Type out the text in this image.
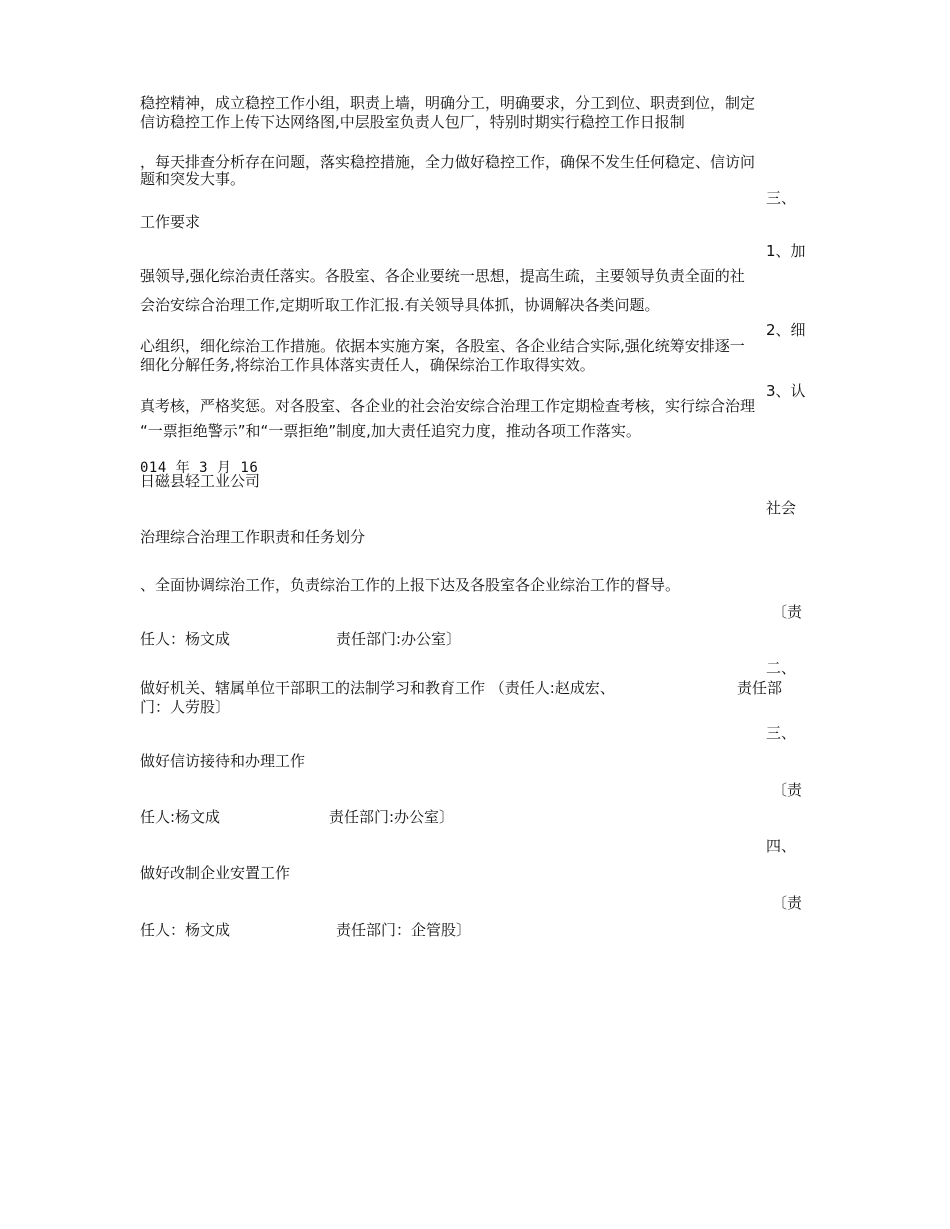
稳控精神，成立稳控工作小组，职责上墙，明确分工，明确要求，分工到位、职责到位，制定
信访稳控工作上传下达网络图,中层股室负责人包厂，特别时期实行稳控工作日报制
，每天排查分析存在问题，落实稳控措施，全力做好稳控工作，确保不发生任何稳定、信访问
题和突发大事。
三、
工作要求
1、加
强领导,强化综治责任落实。各股室、各企业要统一思想，提高生疏，主要领导负责全面的社
会治安综合治理工作,定期听取工作汇报.有关领导具体抓，协调解决各类问题。
2、细
心组织，细化综治工作措施。依据本实施方案，各股室、各企业结合实际,强化统筹安排逐一
细化分解任务,将综治工作具体落实责任人，确保综治工作取得实效。
3、认
真考核，严格奖惩。对各股室、各企业的社会治安综合治理工作定期检查考核，实行综合治理
“一票拒绝警示”和“一票拒绝”制度,加大责任追究力度，推动各项工作落实。
014 年 3 月 16
日磁县轻工业公司
社会
治理综合治理工作职责和任务划分
、全面协调综治工作，负责综治工作的上报下达及各股室各企业综治工作的督导。
〔责
任人：杨文成	责任部门:办公室〕
二、
做好机关、辖属单位干部职工的法制学习和教育工作 （责任人:赵成宏、	责任部
门：人劳股〕
三、
做好信访接待和办理工作
〔责
任人:杨文成	责任部门:办公室〕
四、
做好改制企业安置工作
〔责
任人：杨文成	责任部门：企管股〕
